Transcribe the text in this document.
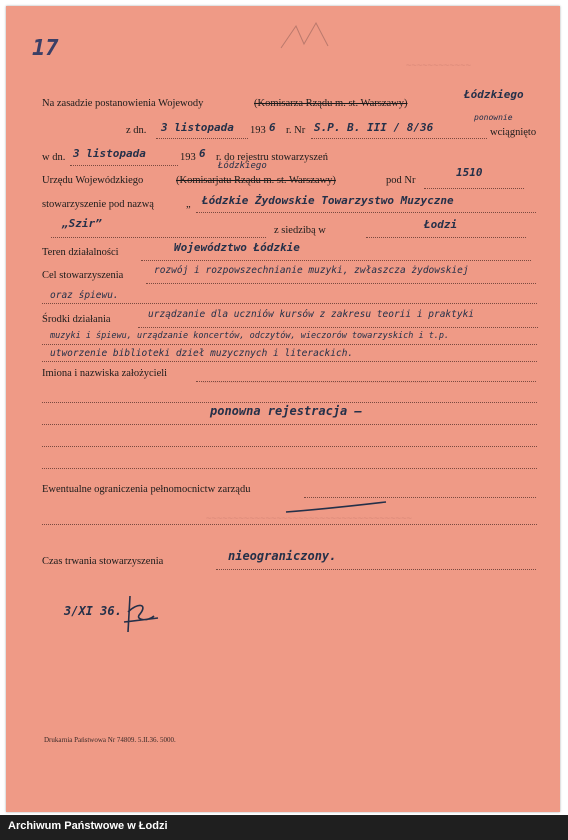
~~~~~~~~~~~~
~~~~~~~~~~~~~~~~~~~~~~~~~~~~~~~~~~~~~~~~~~
~~~~~~~~~~~~~~~~~~~~~~~~~~~~~~~~~~~~~~
17
Na zasadzie postanowienia Wojewody	(Komisarza Rządu m. st. Warszawy)
Łódzkiego
ponownie
z dn. 3 listopada 193 6 r. Nr S.P. B. III / 8/36	wciągnięto
w dn. 3 listopada	193 6 r. do rejestru stowarzyszeń
Łódzkiego
Urzędu Wojewódzkiego	(Komisarjatu Rządu m. st. Warszawy)	pod Nr
1510
stowarzyszenie pod nazwą	„ Łódzkie Żydowskie Towarzystwo Muzyczne
„Szir”
z siedzibą w	Łodzi
Teren działalności	Województwo Łódzkie
Cel stowarzyszenia	rozwój i rozpowszechnianie muzyki, zwłaszcza żydowskiej
oraz śpiewu.
Środki działania	urządzanie dla uczniów kursów z zakresu teorii i praktyki
muzyki i śpiewu, urządzanie koncertów, odczytów, wieczorów towarzyskich i t.p.
utworzenie biblioteki dzieł muzycznych i literackich.
Imiona i nazwiska założycieli
ponowna rejestracja —
Ewentualne ograniczenia pełnomocnictw zarządu
Czas trwania stowarzyszenia	nieograniczony.
3/XI 36.
Drukarnia Państwowa Nr 74809. 5.II.36. 5000.
Archiwum Państwowe w Łodzi
